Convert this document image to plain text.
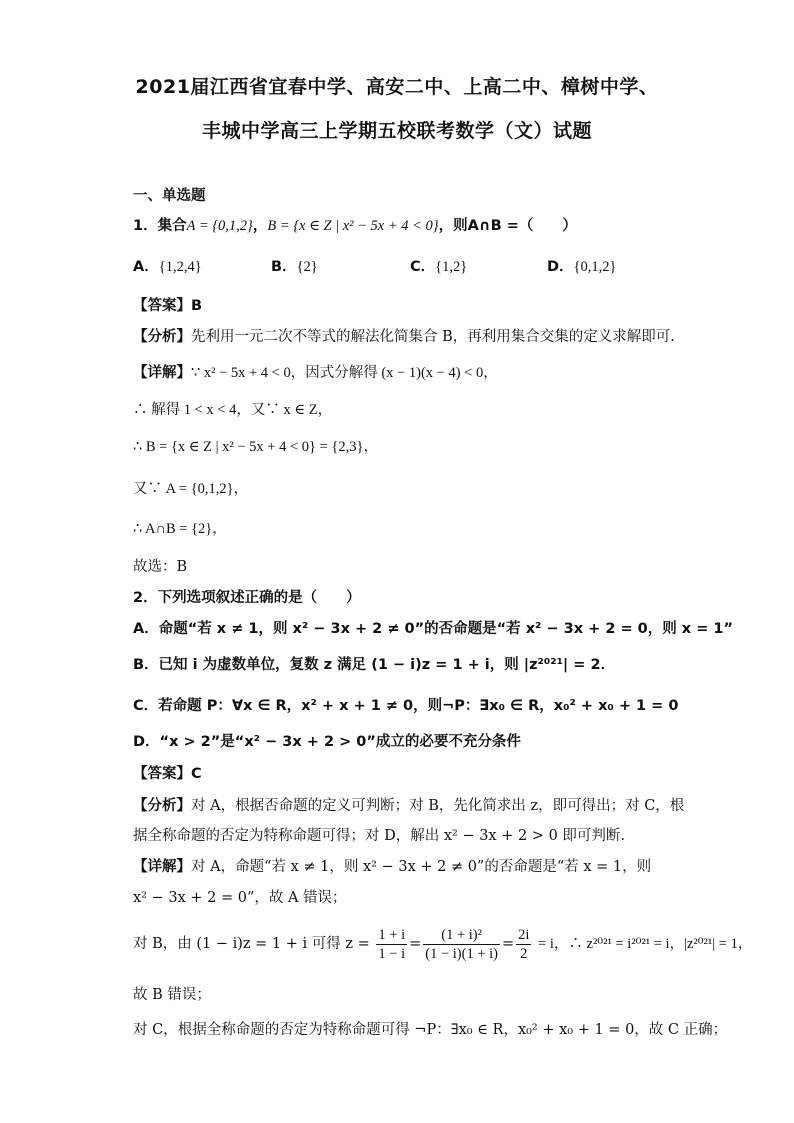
2021届江西省宜春中学、高安二中、上高二中、樟树中学、
丰城中学高三上学期五校联考数学（文）试题
一、单选题
1．集合A = {0,1,2}，B = {x ∈ Z | x² − 5x + 4 < 0}，则A∩B =（　　）
A．{1,2,4}	B．{2}	C．{1,2}	D．{0,1,2}
【答案】B
【分析】先利用一元二次不等式的解法化简集合 B，再利用集合交集的定义求解即可.
【详解】∵ x² − 5x + 4 < 0，因式分解得 (x − 1)(x − 4) < 0，
∴ 解得 1 < x < 4，又∵ x ∈ Z，
∴ B = {x ∈ Z | x² − 5x + 4 < 0} = {2,3}，
又∵ A = {0,1,2}，
∴ A∩B = {2}，
故选：B
2．下列选项叙述正确的是（　　）
A．命题“若 x ≠ 1，则 x² − 3x + 2 ≠ 0”的否命题是“若 x² − 3x + 2 = 0，则 x = 1”
B．已知 i 为虚数单位，复数 z 满足 (1 − i)z = 1 + i，则 |z²⁰²¹| = 2．
C．若命题 P：∀x ∈ R，x² + x + 1 ≠ 0，则¬P：∃x₀ ∈ R，x₀² + x₀ + 1 = 0
D．“x > 2”是“x² − 3x + 2 > 0”成立的必要不充分条件
【答案】C
【分析】对 A，根据否命题的定义可判断；对 B，先化简求出 z，即可得出；对 C，根
据全称命题的否定为特称命题可得；对 D，解出 x² − 3x + 2 > 0 即可判断.
【详解】对 A，命题“若 x ≠ 1，则 x² − 3x + 2 ≠ 0”的否命题是“若 x = 1，则
x² − 3x + 2 = 0”，故 A 错误；
对 B，由 (1 − i)z = 1 + i 可得 $z = \frac{1 + i}{1 - i} = \frac{\text{(1 + i)²}}{(1 - i)(1 + i)} = \frac{2i}{2} = i$，∴ z²⁰²¹ = i²⁰²¹ = i，|z²⁰²¹| = 1，
故 B 错误；
对 C，根据全称命题的否定为特称命题可得 ¬P：∃x₀ ∈ R，x₀² + x₀ + 1 = 0，故 C 正确；
